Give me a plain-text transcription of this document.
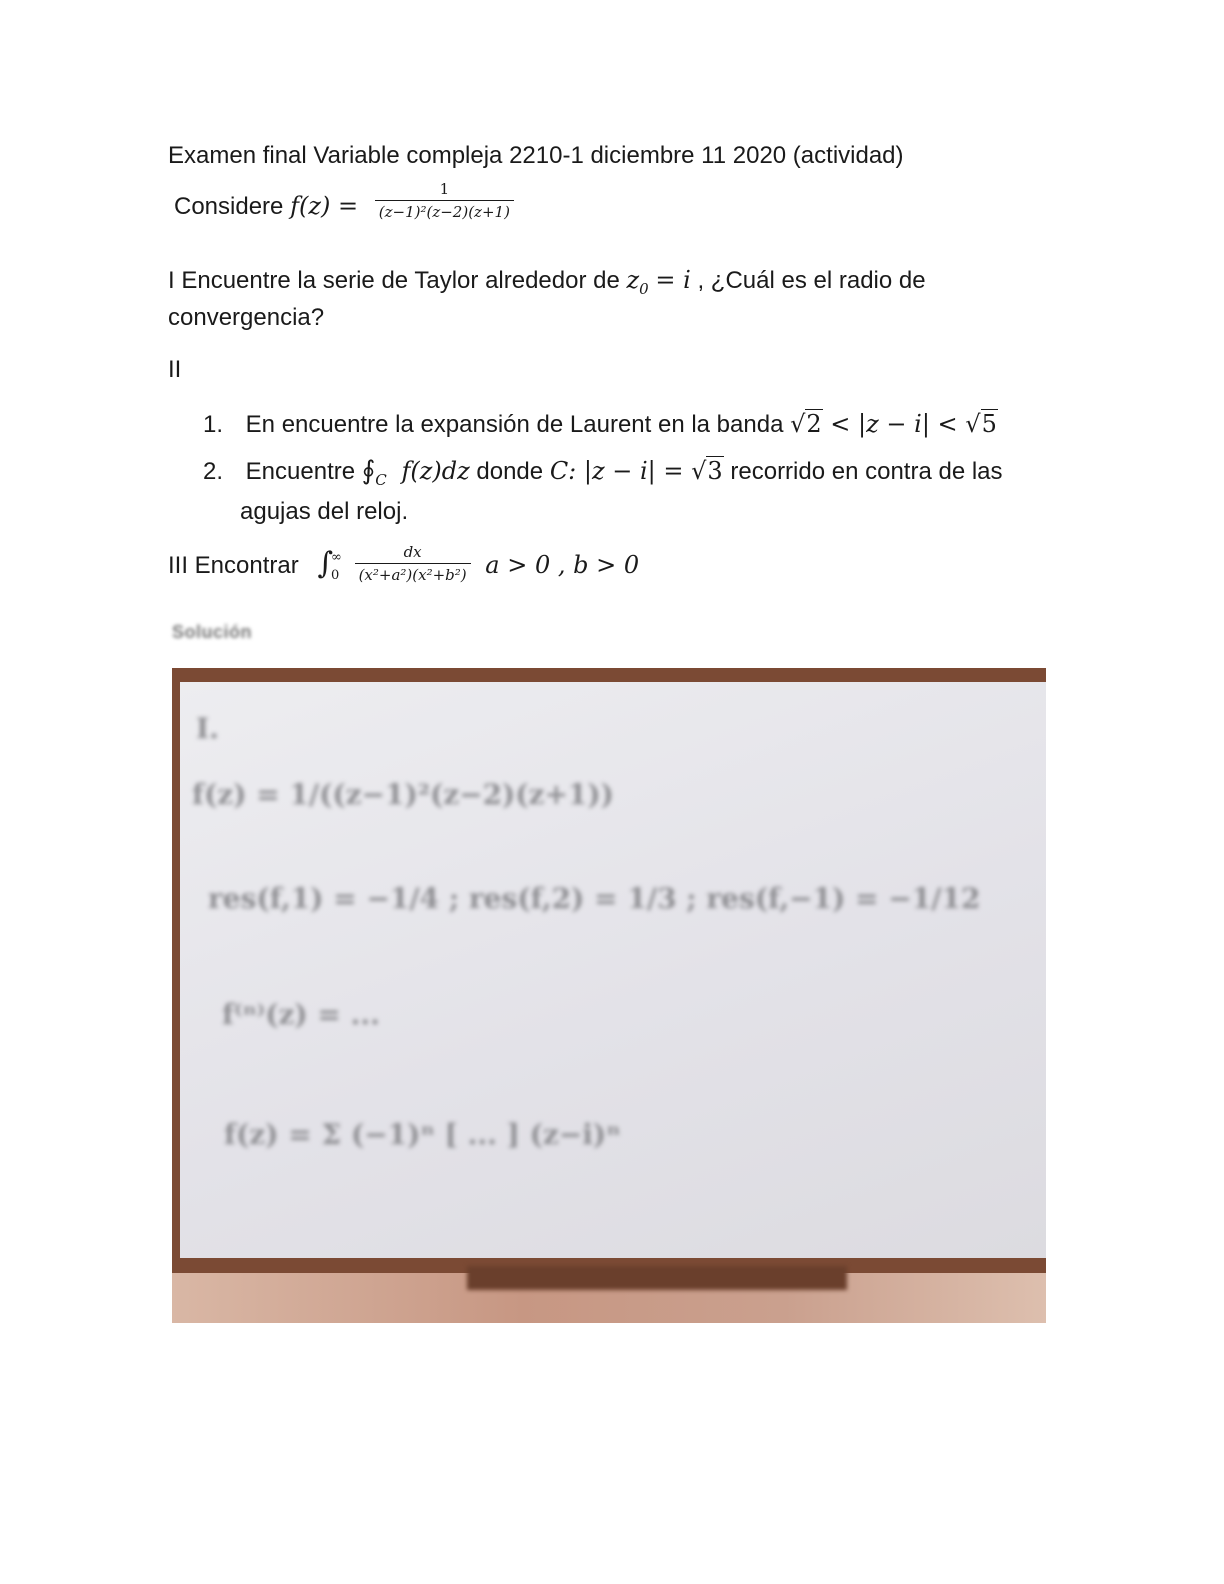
Examen final Variable compleja 2210-1 diciembre 11 2020 (actividad)
Considere $f(z) = \frac{1}{\text{(z−1)²(z−2)(z+1)}}$
I Encuentre la serie de Taylor alrededor de $z_0 = i$ , ¿Cuál es el radio de
convergencia?
II
1. En encuentre la expansión de Laurent en la banda √2 < |z − i| < √5
2. Encuentre $∮_C$ f(z)dz donde C: |z − i| = √3 recorrido en contra de las
agujas del reloj.
III Encontrar ∫
∞
0
$\frac{dx}{\text{(x²+a²)(x²+b²)}}$ a > 0 , b > 0
Solución
I.
f(z) = 1/((z−1)²(z−2)(z+1))
res(f,1) = −1/4 ; res(f,2) = 1/3 ; res(f,−1) = −1/12
f⁽ⁿ⁾(z) = ...
f(z) = Σ (−1)ⁿ [ ... ] (z−i)ⁿ
